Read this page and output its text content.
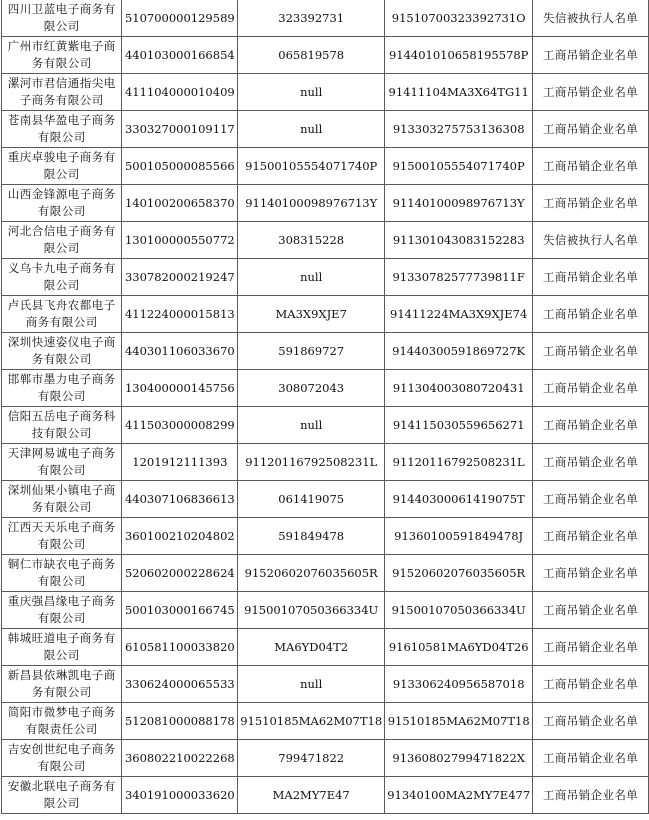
四川卫蓝电子商务有限公司	510700000129589	323392731	91510700323392731O	失信被执行人名单
广州市红黄紫电子商务有限公司	440103000166854	065819578	914401010658195578P	工商吊销企业名单
漯河市君信通指尖电子商务有限公司	411104000010409	null	91411104MA3X64TG11	工商吊销企业名单
苍南县华盈电子商务有限公司	330327000109117	null	913303275753136308	工商吊销企业名单
重庆卓骏电子商务有限公司	500105000085566	91500105554071740P	91500105554071740P	工商吊销企业名单
山西金锋源电子商务有限公司	140100200658370	91140100098976713Y	91140100098976713Y	工商吊销企业名单
河北合信电子商务有限公司	130100000550772	308315228	911301043083152283	失信被执行人名单
义乌卡九电子商务有限公司	330782000219247	null	91330782577739811F	工商吊销企业名单
卢氏县飞舟农都电子商务有限公司	411224000015813	MA3X9XJE7	91411224MA3X9XJE74	工商吊销企业名单
深圳快速姿仪电子商务有限公司	440301106033670	591869727	91440300591869727K	工商吊销企业名单
邯郸市墨力电子商务有限公司	130400000145756	308072043	911304003080720431	工商吊销企业名单
信阳五岳电子商务科技有限公司	411503000008299	null	914115030559656271	工商吊销企业名单
天津网易诚电子商务有限公司	1201912111393	91120116792508231L	91120116792508231L	工商吊销企业名单
深圳仙果小镇电子商务有限公司	440307106836613	061419075	91440300061419075T	工商吊销企业名单
江西天天乐电子商务有限公司	360100210204802	591849478	91360100591849478J	工商吊销企业名单
铜仁市缺衣电子商务有限公司	520602000228624	91520602076035605R	91520602076035605R	工商吊销企业名单
重庆强昌缘电子商务有限公司	500103000166745	91500107050366334U	91500107050366334U	工商吊销企业名单
韩城旺道电子商务有限公司	610581100033820	MA6YD04T2	91610581MA6YD04T26	工商吊销企业名单
新昌县依琳凯电子商务有限公司	330624000065533	null	913306240956587018	工商吊销企业名单
简阳市微梦电子商务有限责任公司	512081000088178	91510185MA62M07T18	91510185MA62M07T18	工商吊销企业名单
吉安创世纪电子商务有限公司	360802210022268	799471822	91360802799471822X	工商吊销企业名单
安徽北联电子商务有限公司	340191000033620	MA2MY7E47	91340100MA2MY7E477	工商吊销企业名单
